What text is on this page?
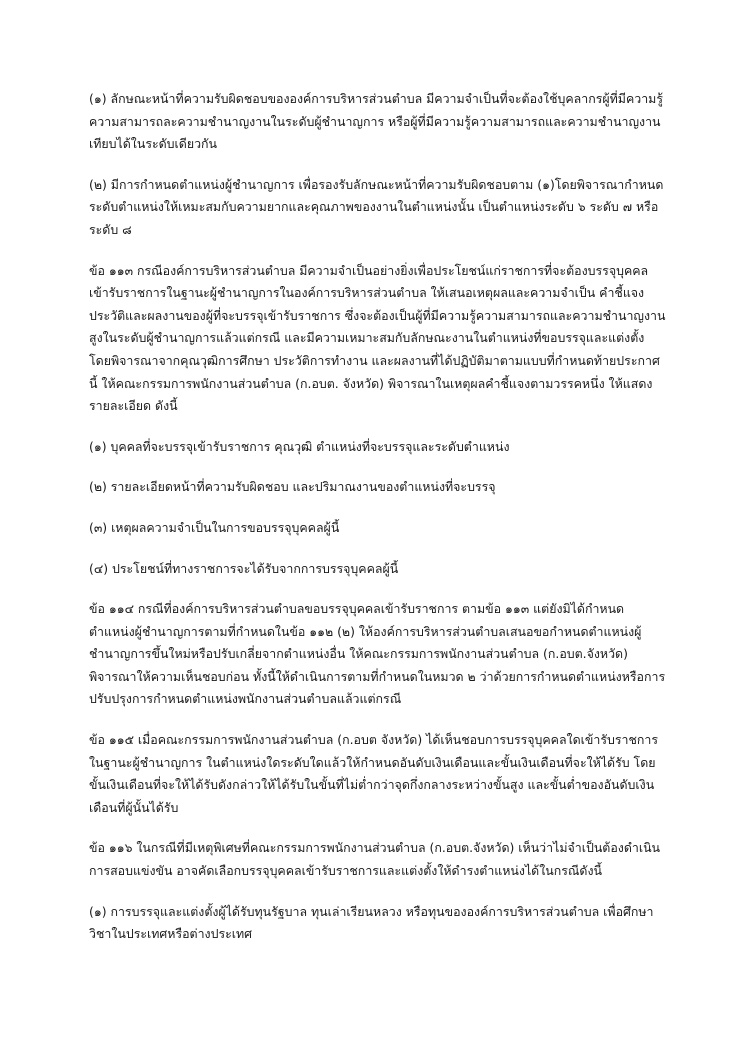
(๑) ลักษณะหน้าที่ความรับผิดชอบขององค์การบริหารส่วนตำบล มีความจำเป็นที่จะต้องใช้บุคลากรผู้ที่มีความรู้ ความสามารถละความชำนาญงานในระดับผู้ชำนาญการ หรือผู้ที่มีความรู้ความสามารถและความชำนาญงานเทียบได้ในระดับเดียวกัน

(๒) มีการกำหนดตำแหน่งผู้ชำนาญการ เพื่อรองรับลักษณะหน้าที่ความรับผิดชอบตาม (๑)โดยพิจารณากำหนดระดับตำแหน่งให้เหมะสมกับความยากและคุณภาพของงานในตำแหน่งนั้น เป็นตำแหน่งระดับ ๖ ระดับ ๗ หรือระดับ ๘

ข้อ ๑๑๓ กรณีองค์การบริหารส่วนตำบล มีความจำเป็นอย่างยิ่งเพื่อประโยชน์แก่ราชการที่จะต้องบรรจุบุคคลเข้ารับราชการในฐานะผู้ชำนาญการในองค์การบริหารส่วนตำบล ให้เสนอเหตุผลและความจำเป็น คำชี้แจงประวัติและผลงานของผู้ที่จะบรรจุเข้ารับราชการ ซึ่งจะต้องเป็นผู้ที่มีความรู้ความสามารถและความชำนาญงานสูงในระดับผู้ชำนาญการแล้วแต่กรณี และมีความเหมาะสมกับลักษณะงานในตำแหน่งที่ขอบรรจุและแต่งตั้ง โดยพิจารณาจากคุณวุฒิการศึกษา ประวัติการทำงาน และผลงานที่ได้ปฏิบัติมาตามแบบที่กำหนดท้ายประกาศนี้ ให้คณะกรรมการพนักงานส่วนตำบล (ก.อบต. จังหวัด) พิจารณาในเหตุผลคำชี้แจงตามวรรคหนึ่ง ให้แสดงรายละเอียด ดังนี้

(๑) บุคคลที่จะบรรจุเข้ารับราชการ คุณวุฒิ ตำแหน่งที่จะบรรจุและระดับตำแหน่ง

(๒) รายละเอียดหน้าที่ความรับผิดชอบ และปริมาณงานของตำแหน่งที่จะบรรจุ

(๓) เหตุผลความจำเป็นในการขอบรรจุบุคคลผู้นี้

(๔) ประโยชน์ที่ทางราชการจะได้รับจากการบรรจุบุคคลผู้นี้

ข้อ ๑๑๔ กรณีที่องค์การบริหารส่วนตำบลขอบรรจุบุคคลเข้ารับราชการ ตามข้อ ๑๑๓ แต่ยังมิได้กำหนดตำแหน่งผู้ชำนาญการตามที่กำหนดในข้อ ๑๑๒ (๒) ให้องค์การบริหารส่วนตำบลเสนอขอกำหนดตำแหน่งผู้ชำนาญการขึ้นใหม่หรือปรับเกลี่ยจากตำแหน่งอื่น ให้คณะกรรมการพนักงานส่วนตำบล (ก.อบต.จังหวัด) พิจารณาให้ความเห็นชอบก่อน ทั้งนี้ให้ดำเนินการตามที่กำหนดในหมวด ๒ ว่าด้วยการกำหนดตำแหน่งหรือการปรับปรุงการกำหนดตำแหน่งพนักงานส่วนตำบลแล้วแต่กรณี

ข้อ ๑๑๕ เมื่อคณะกรรมการพนักงานส่วนตำบล (ก.อบต จังหวัด) ได้เห็นชอบการบรรจุบุคคลใดเข้ารับราชการในฐานะผู้ชำนาญการ ในตำแหน่งใดระดับใดแล้วให้กำหนดอันดับเงินเดือนและขั้นเงินเดือนที่จะให้ได้รับ โดยขั้นเงินเดือนที่จะให้ได้รับดังกล่าวให้ได้รับในขั้นที่ไม่ต่ำกว่าจุดกึ่งกลางระหว่างขั้นสูง และขั้นต่ำของอันดับเงินเดือนที่ผู้นั้นได้รับ

ข้อ ๑๑๖ ในกรณีที่มีเหตุพิเศษที่คณะกรรมการพนักงานส่วนตำบล (ก.อบต.จังหวัด) เห็นว่าไม่จำเป็นต้องดำเนินการสอบแข่งขัน อาจคัดเลือกบรรจุบุคคลเข้ารับราชการและแต่งตั้งให้ดำรงตำแหน่งได้ในกรณีดังนี้

(๑) การบรรจุและแต่งตั้งผู้ได้รับทุนรัฐบาล ทุนเล่าเรียนหลวง หรือทุนขององค์การบริหารส่วนตำบล เพื่อศึกษาวิชาในประเทศหรือต่างประเทศ
